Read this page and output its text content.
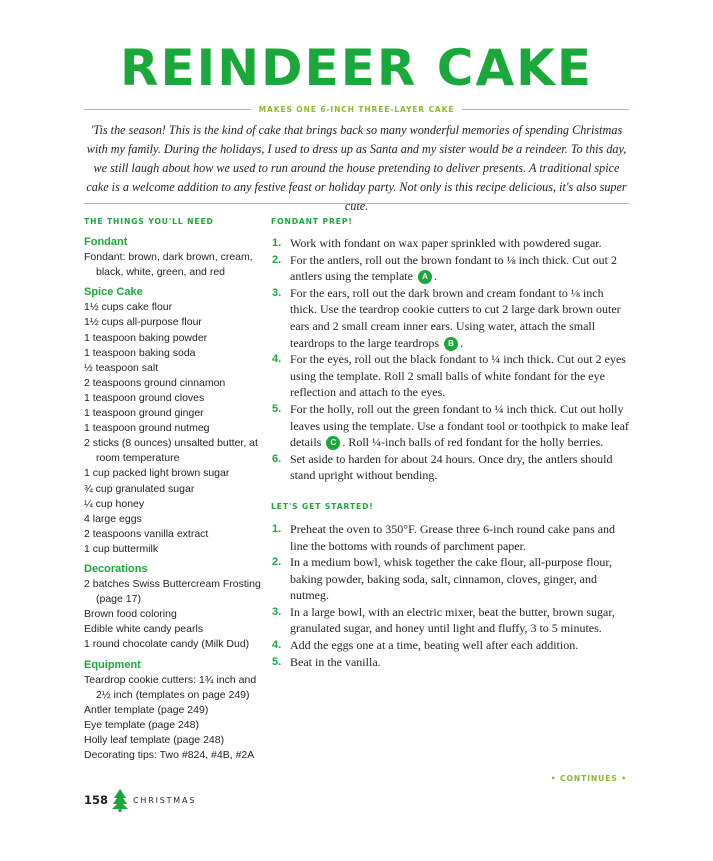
REINDEER CAKE
MAKES ONE 6-INCH THREE-LAYER CAKE

'Tis the season! This is the kind of cake that brings back so many wonderful memories of spending Christmas with my family. During the holidays, I used to dress up as Santa and my sister would be a reindeer. To this day, we still laugh about how we used to run around the house pretending to deliver presents. A traditional spice cake is a welcome addition to any festive feast or holiday party. Not only is this recipe delicious, it's also super cute.

THE THINGS YOU'LL NEED
Fondant
Fondant: brown, dark brown, cream, black, white, green, and red
Spice Cake
1½ cups cake flour
1½ cups all-purpose flour
1 teaspoon baking powder
1 teaspoon baking soda
½ teaspoon salt
2 teaspoons ground cinnamon
1 teaspoon ground cloves
1 teaspoon ground ginger
1 teaspoon ground nutmeg
2 sticks (8 ounces) unsalted butter, at room temperature
1 cup packed light brown sugar
¾ cup granulated sugar
¼ cup honey
4 large eggs
2 teaspoons vanilla extract
1 cup buttermilk
Decorations
2 batches Swiss Buttercream Frosting (page 17)
Brown food coloring
Edible white candy pearls
1 round chocolate candy (Milk Dud)
Equipment
Teardrop cookie cutters: 1¾ inch and 2½ inch (templates on page 249)
Antler template (page 249)
Eye template (page 248)
Holly leaf template (page 248)
Decorating tips: Two #824, #4B, #2A
FONDANT PREP!
1. Work with fondant on wax paper sprinkled with powdered sugar.
2. For the antlers, roll out the brown fondant to ⅛ inch thick. Cut out 2 antlers using the template A .
3. For the ears, roll out the dark brown and cream fondant to ⅛ inch thick. Use the teardrop cookie cutters to cut 2 large dark brown outer ears and 2 small cream inner ears. Using water, attach the small teardrops to the large teardrops B .
4. For the eyes, roll out the black fondant to ¼ inch thick. Cut out 2 eyes using the template. Roll 2 small balls of white fondant for the eye reflection and attach to the eyes.
5. For the holly, roll out the green fondant to ¼ inch thick. Cut out holly leaves using the template. Use a fondant tool or toothpick to make leaf details C . Roll ¼-inch balls of red fondant for the holly berries.
6. Set aside to harden for about 24 hours. Once dry, the antlers should stand upright without bending.
LET'S GET STARTED!
1. Preheat the oven to 350°F. Grease three 6-inch round cake pans and line the bottoms with rounds of parchment paper.
2. In a medium bowl, whisk together the cake flour, all-purpose flour, baking powder, baking soda, salt, cinnamon, cloves, ginger, and nutmeg.
3. In a large bowl, with an electric mixer, beat the butter, brown sugar, granulated sugar, and honey until light and fluffy, 3 to 5 minutes.
4. Add the eggs one at a time, beating well after each addition.
5. Beat in the vanilla.
• CONTINUES •
158	CHRISTMAS
